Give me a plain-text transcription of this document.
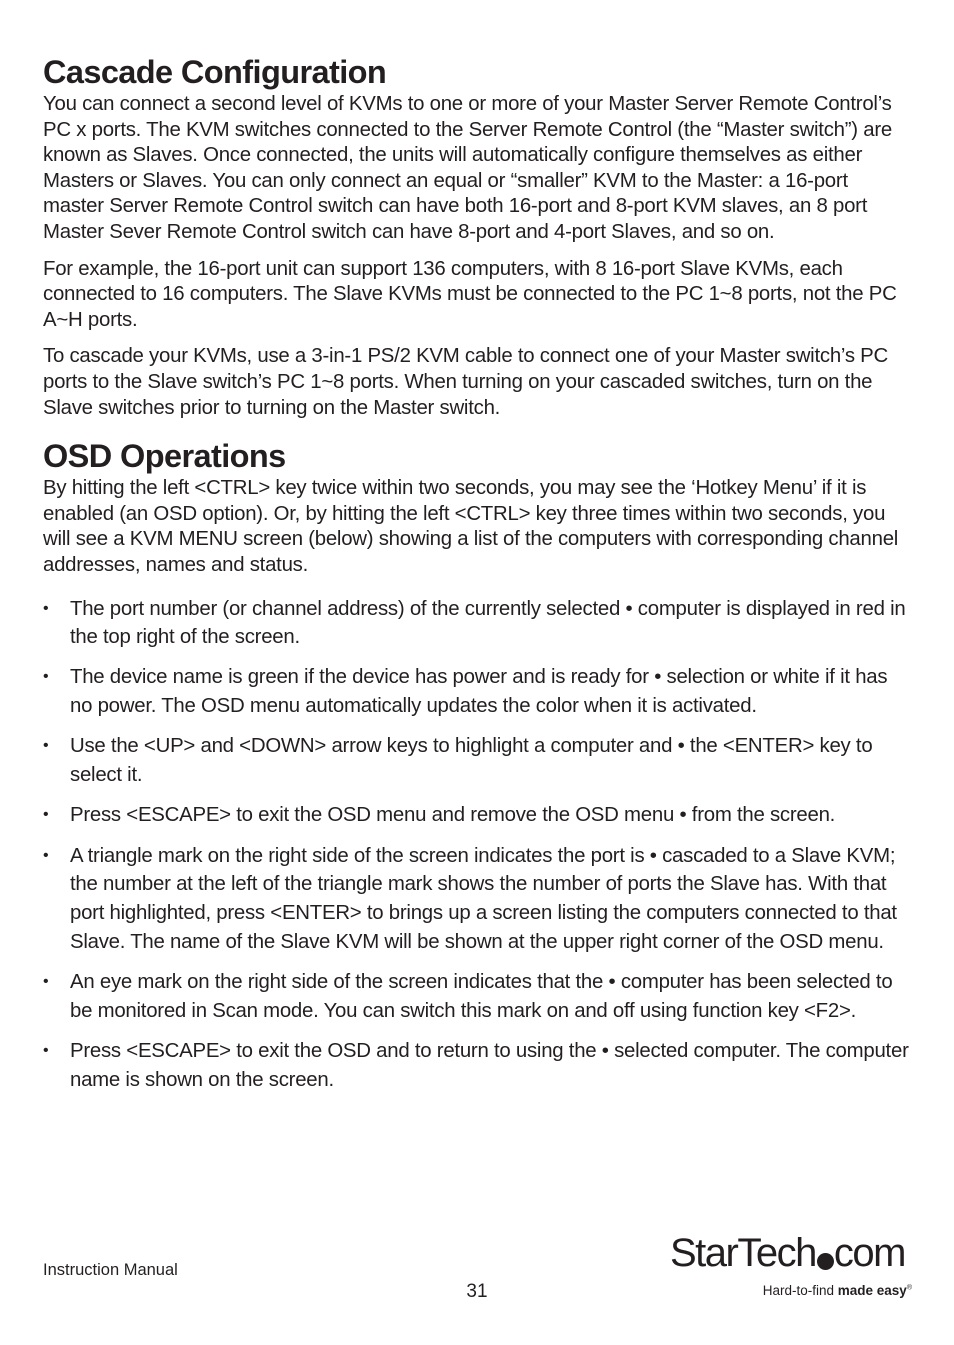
Cascade Configuration

You can connect a second level of KVMs to one or more of your Master Server Remote Control’s PC x ports. The KVM switches connected to the Server Remote Control (the “Master switch”) are known as Slaves. Once connected, the units will automatically configure themselves as either Masters or Slaves. You can only connect an equal or “smaller” KVM to the Master: a 16-port master Server Remote Control switch can have both 16-port and 8-port KVM slaves, an 8 port Master Sever Remote Control switch can have 8-port and 4-port Slaves, and so on.

For example, the 16-port unit can support 136 computers, with 8 16-port Slave KVMs, each connected to 16 computers. The Slave KVMs must be connected to the PC 1~8 ports, not the PC A~H ports.

To cascade your KVMs, use a 3-in-1 PS/2 KVM cable to connect one of your Master switch’s PC ports to the Slave switch’s PC 1~8 ports. When turning on your cascaded switches, turn on the Slave switches prior to turning on the Master switch.

OSD Operations

By hitting the left <CTRL> key twice within two seconds, you may see the ‘Hotkey Menu’ if it is enabled (an OSD option). Or, by hitting the left <CTRL> key three times within two seconds, you will see a KVM MENU screen (below) showing a list of the computers with corresponding channel addresses, names and status.

• The port number (or channel address) of the currently selected • computer is displayed in red in the top right of the screen.
• The device name is green if the device has power and is ready for • selection or white if it has no power. The OSD menu automatically updates the color when it is activated.
• Use the <UP> and <DOWN> arrow keys to highlight a computer and • the <ENTER> key to select it.
• Press <ESCAPE> to exit the OSD menu and remove the OSD menu • from the screen.
• A triangle mark on the right side of the screen indicates the port is • cascaded to a Slave KVM; the number at the left of the triangle mark shows the number of ports the Slave has. With that port highlighted, press <ENTER> to brings up a screen listing the computers connected to that Slave. The name of the Slave KVM will be shown at the upper right corner of the OSD menu.
• An eye mark on the right side of the screen indicates that the • computer has been selected to be monitored in Scan mode. You can switch this mark on and off using function key <F2>.
• Press <ESCAPE> to exit the OSD and to return to using the • selected computer. The computer name is shown on the screen.
Instruction Manual
31
StarTech com
Hard-to-find made easy®
